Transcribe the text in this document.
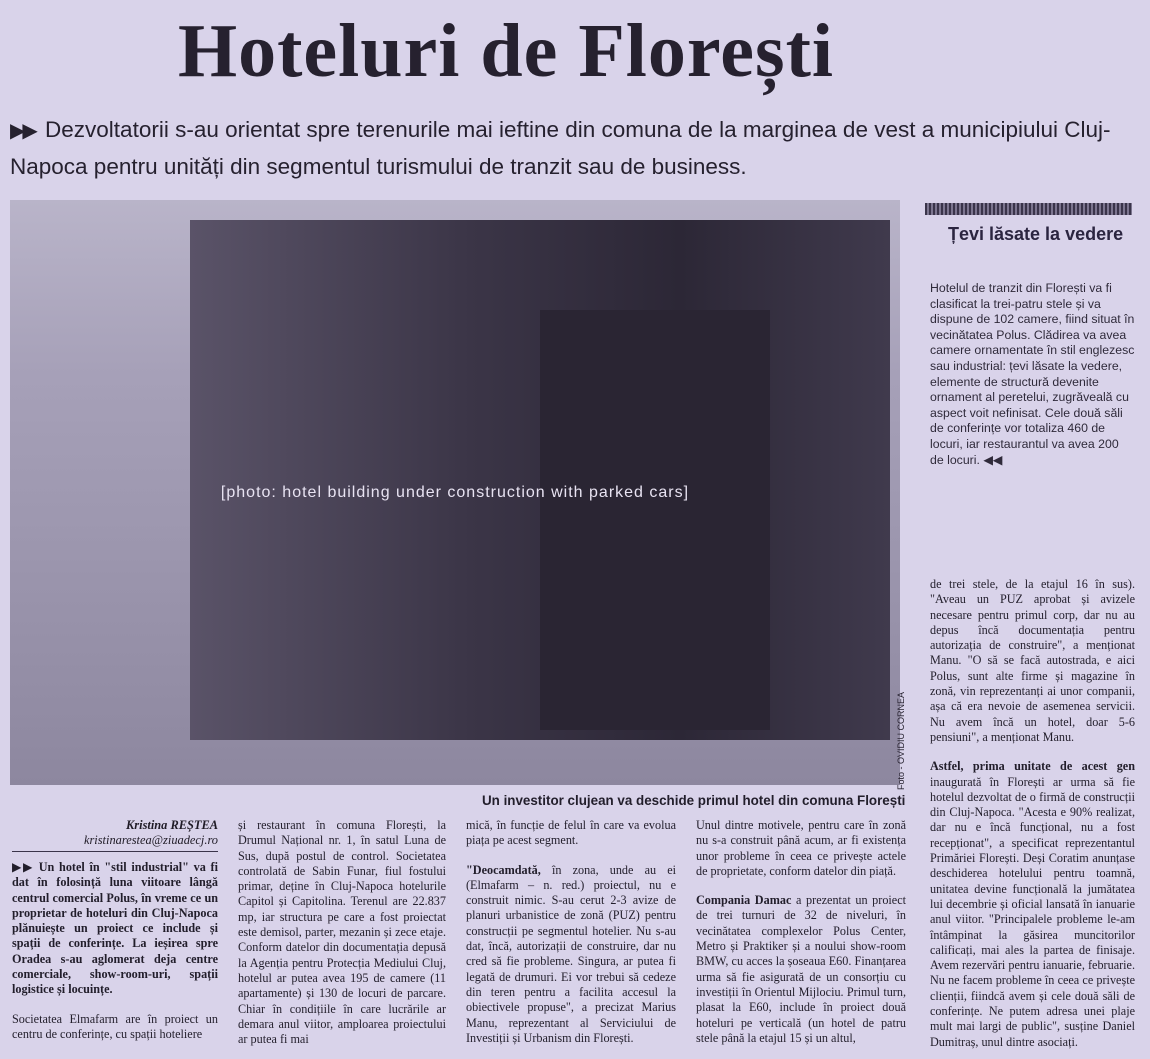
Hoteluri de Florești
▶▶ Dezvoltatorii s-au orientat spre terenurile mai ieftine din comuna de la marginea de vest a municipiului Cluj-Napoca pentru unități din segmentul turismului de tranzit sau de business.
[photo: hotel building under construction with parked cars]
Foto - OVIDIU CORNEA
Țevi lăsate la vedere
Hotelul de tranzit din Florești va fi clasificat la trei-patru stele și va dispune de 102 camere, fiind situat în vecinătatea Polus. Clădirea va avea camere ornamentate în stil englezesc sau industrial: țevi lăsate la vedere, elemente de structură devenite ornament al peretelui, zugrăveală cu aspect voit nefinisat. Cele două săli de conferințe vor totaliza 460 de locuri, iar restaurantul va avea 200 de locuri. ◀◀
Un investitor clujean va deschide primul hotel din comuna Florești
Kristina REȘTEA
kristinarestea@ziuadecj.ro

▶▶ Un hotel în "stil industrial" va fi dat în folosință luna viitoare lângă centrul comercial Polus, în vreme ce un proprietar de hoteluri din Cluj-Napoca plănuiește un proiect ce include și spații de conferințe. La ieșirea spre Oradea s-au aglomerat deja centre comerciale, show-room-uri, spații logistice și locuințe.

Societatea Elmafarm are în proiect un centru de conferințe, cu spații hoteliere

și restaurant în comuna Florești, la Drumul Național nr. 1, în satul Luna de Sus, după postul de control. Societatea controlată de Sabin Funar, fiul fostului primar, deține în Cluj-Napoca hotelurile Capitol și Capitolina. Terenul are 22.837 mp, iar structura pe care a fost proiectat este demisol, parter, mezanin și zece etaje. Conform datelor din documentația depusă la Agenția pentru Protecția Mediului Cluj, hotelul ar putea avea 195 de camere (11 apartamente) și 130 de locuri de parcare. Chiar în condițiile în care lucrările ar demara anul viitor, amploarea proiectului ar putea fi mai

mică, în funcție de felul în care va evolua piața pe acest segment.

"Deocamdată, în zona, unde au ei (Elmafarm – n. red.) proiectul, nu e construit nimic. S-au cerut 2-3 avize de planuri urbanistice de zonă (PUZ) pentru construcții pe segmentul hotelier. Nu s-au dat, încă, autorizații de construire, dar nu cred să fie probleme. Singura, ar putea fi legată de drumuri. Ei vor trebui să cedeze din teren pentru a facilita accesul la obiectivele propuse", a precizat Marius Manu, reprezentant al Serviciului de Investiții și Urbanism din Florești.

Unul dintre motivele, pentru care în zonă nu s-a construit până acum, ar fi existența unor probleme în ceea ce privește actele de proprietate, conform datelor din piață.

Compania Damac a prezentat un proiect de trei turnuri de 32 de niveluri, în vecinătatea complexelor Polus Center, Metro și Praktiker și a noului show-room BMW, cu acces la șoseaua E60. Finanțarea urma să fie asigurată de un consorțiu cu investiții în Orientul Mijlociu. Primul turn, plasat la E60, include în proiect două hoteluri pe verticală (un hotel de patru stele până la etajul 15 și un altul,

de trei stele, de la etajul 16 în sus). "Aveau un PUZ aprobat și avizele necesare pentru primul corp, dar nu au depus încă documentația pentru autorizația de construire", a menționat Manu. "O să se facă autostrada, e aici Polus, sunt alte firme și magazine în zonă, vin reprezentanți ai unor companii, așa că era nevoie de asemenea servicii. Nu avem încă un hotel, doar 5-6 pensiuni", a menționat Manu.

Astfel, prima unitate de acest gen inaugurată în Florești ar urma să fie hotelul dezvoltat de o firmă de construcții din Cluj-Napoca. "Acesta e 90% realizat, dar nu e încă funcțional, nu a fost recepționat", a specificat reprezentantul Primăriei Florești. Deși Coratim anunțase deschiderea hotelului pentru toamnă, unitatea devine funcțională la jumătatea lui decembrie și oficial lansată în ianuarie anul viitor. "Principalele probleme le-am întâmpinat la găsirea muncitorilor calificați, mai ales la partea de finisaje. Avem rezervări pentru ianuarie, februarie. Nu ne facem probleme în ceea ce privește clienții, fiindcă avem și cele două săli de conferințe. Ne putem adresa unei plaje mult mai largi de public", susține Daniel Dumitraș, unul dintre asociați.
